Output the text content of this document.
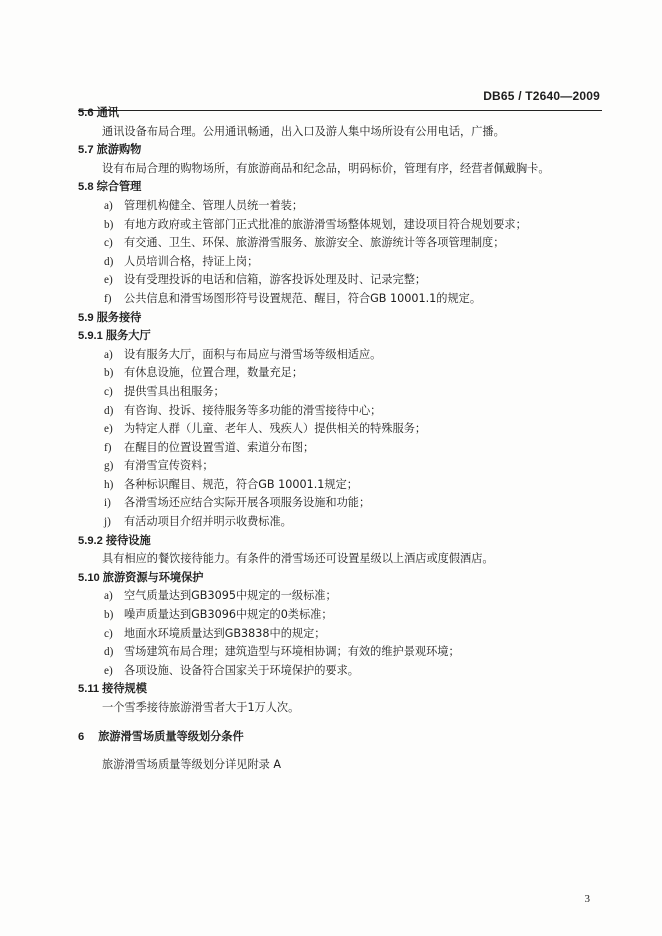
DB65 / T2640—2009
5.6 通讯
通讯设备布局合理。公用通讯畅通，出入口及游人集中场所设有公用电话，广播。
5.7 旅游购物
设有布局合理的购物场所，有旅游商品和纪念品，明码标价，管理有序，经营者佩戴胸卡。
5.8 综合管理
a) 管理机构健全、管理人员统一着装；
b) 有地方政府或主管部门正式批准的旅游滑雪场整体规划，建设项目符合规划要求；
c) 有交通、卫生、环保、旅游滑雪服务、旅游安全、旅游统计等各项管理制度；
d) 人员培训合格，持证上岗；
e) 设有受理投诉的电话和信箱，游客投诉处理及时、记录完整；
f) 公共信息和滑雪场图形符号设置规范、醒目，符合GB 10001.1的规定。
5.9 服务接待
5.9.1 服务大厅
a) 设有服务大厅，面积与布局应与滑雪场等级相适应。
b) 有休息设施，位置合理，数量充足；
c) 提供雪具出租服务；
d) 有咨询、投诉、接待服务等多功能的滑雪接待中心；
e) 为特定人群（儿童、老年人、残疾人）提供相关的特殊服务；
f) 在醒目的位置设置雪道、索道分布图；
g) 有滑雪宣传资料；
h) 各种标识醒目、规范，符合GB 10001.1规定；
i) 各滑雪场还应结合实际开展各项服务设施和功能；
j) 有活动项目介绍并明示收费标准。
5.9.2 接待设施
具有相应的餐饮接待能力。有条件的滑雪场还可设置星级以上酒店或度假酒店。
5.10 旅游资源与环境保护
a) 空气质量达到GB3095中规定的一级标准；
b) 噪声质量达到GB3096中规定的0类标准；
c) 地面水环境质量达到GB3838中的规定；
d) 雪场建筑布局合理；建筑造型与环境相协调；有效的维护景观环境；
e) 各项设施、设备符合国家关于环境保护的要求。
5.11 接待规模
一个雪季接待旅游滑雪者大于1万人次。
6 旅游滑雪场质量等级划分条件
旅游滑雪场质量等级划分详见附录 A
3
